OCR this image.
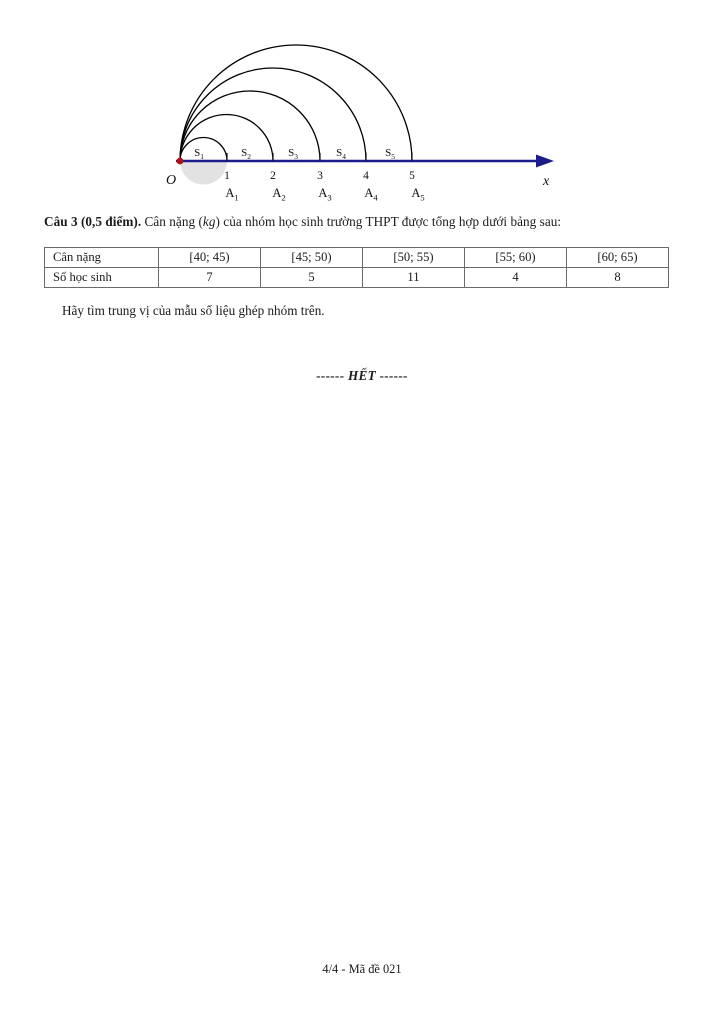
O	x
1	2	3	4	5
$S_1$	$S_2$	$S_3$	$S_4$	$S_5$
$A_1$	$A_2$	$A_3$	$A_4$	$A_5$
Câu 3 (0,5 điểm). Cân nặng (kg) của nhóm học sinh trường THPT được tổng hợp dưới bảng sau:
Cân nặng	[40; 45)	[45; 50)	[50; 55)	[55; 60)	[60; 65)
Số học sinh	7	5	11	4	8
Hãy tìm trung vị của mẫu số liệu ghép nhóm trên.
------ HẾT ------
4/4 - Mã đề 021
